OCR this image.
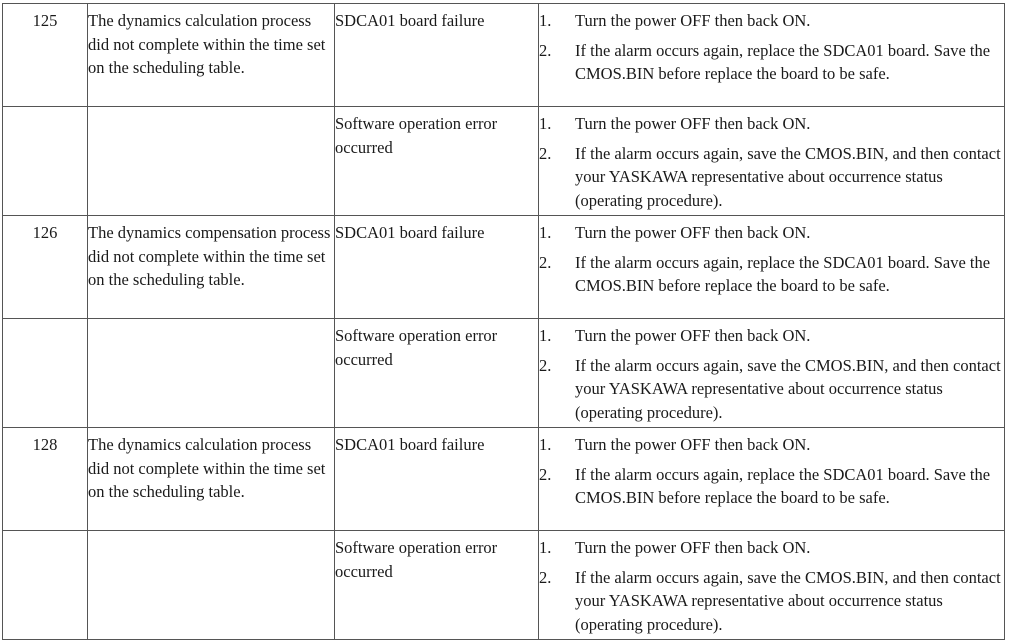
125	The dynamics calculation process did not complete within the time set on the scheduling table.	SDCA01 board failure	1. Turn the power OFF then back ON.
2. If the alarm occurs again, replace the SDCA01 board. Save the CMOS.BIN before replace the board to be safe.

		Software operation error occurred	1. Turn the power OFF then back ON.
2. If the alarm occurs again, save the CMOS.BIN, and then contact your YASKAWA representative about occurrence status (operating procedure).

126	The dynamics compensation process did not complete within the time set on the scheduling table.	SDCA01 board failure	1. Turn the power OFF then back ON.
2. If the alarm occurs again, replace the SDCA01 board. Save the CMOS.BIN before replace the board to be safe.

		Software operation error occurred	1. Turn the power OFF then back ON.
2. If the alarm occurs again, save the CMOS.BIN, and then contact your YASKAWA representative about occurrence status (operating procedure).

128	The dynamics calculation process did not complete within the time set on the scheduling table.	SDCA01 board failure	1. Turn the power OFF then back ON.
2. If the alarm occurs again, replace the SDCA01 board. Save the CMOS.BIN before replace the board to be safe.

		Software operation error occurred	1. Turn the power OFF then back ON.
2. If the alarm occurs again, save the CMOS.BIN, and then contact your YASKAWA representative about occurrence status (operating procedure).
